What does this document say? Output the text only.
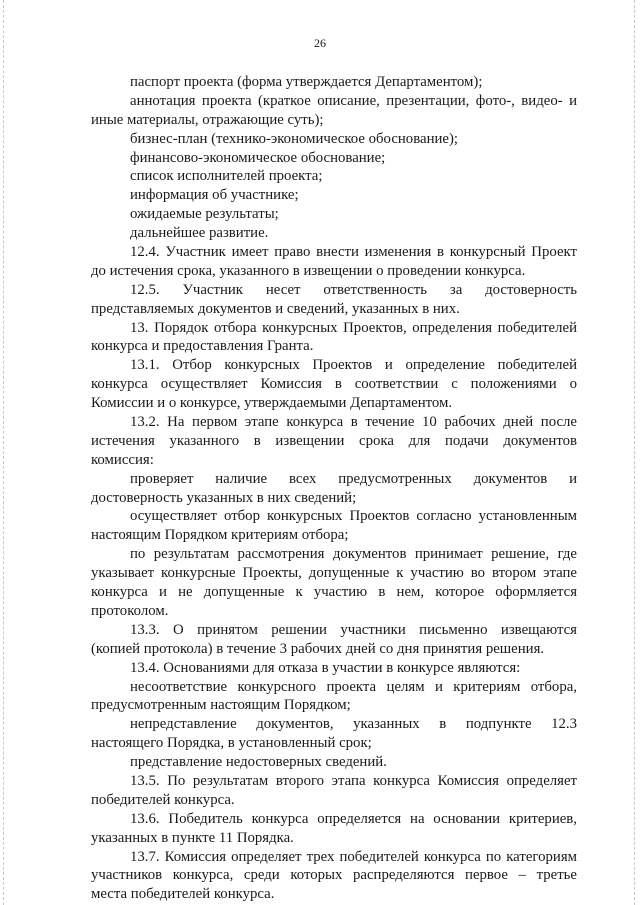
26
паспорт проекта (форма утверждается Департаментом);
аннотация проекта (краткое описание, презентации, фото-, видео- и
иные материалы, отражающие суть);
бизнес-план (технико-экономическое обоснование);
финансово-экономическое обоснование;
список исполнителей проекта;
информация об участнике;
ожидаемые результаты;
дальнейшее развитие.
12.4. Участник имеет право внести изменения в конкурсный Проект
до истечения срока, указанного в извещении о проведении конкурса.
12.5. Участник несет ответственность за достоверность
представляемых документов и сведений, указанных в них.
13. Порядок отбора конкурсных Проектов, определения победителей
конкурса и предоставления Гранта.
13.1. Отбор конкурсных Проектов и определение победителей
конкурса осуществляет Комиссия в соответствии с положениями о
Комиссии и о конкурсе, утверждаемыми Департаментом.
13.2. На первом этапе конкурса в течение 10 рабочих дней после
истечения указанного в извещении срока для подачи документов
комиссия:
проверяет наличие всех предусмотренных документов и
достоверность указанных в них сведений;
осуществляет отбор конкурсных Проектов согласно установленным
настоящим Порядком критериям отбора;
по результатам рассмотрения документов принимает решение, где
указывает конкурсные Проекты, допущенные к участию во втором этапе
конкурса и не допущенные к участию в нем, которое оформляется
протоколом.
13.3. О принятом решении участники письменно извещаются
(копией протокола) в течение 3 рабочих дней со дня принятия решения.
13.4. Основаниями для отказа в участии в конкурсе являются:
несоответствие конкурсного проекта целям и критериям отбора,
предусмотренным настоящим Порядком;
непредставление документов, указанных в подпункте 12.3
настоящего Порядка, в установленный срок;
представление недостоверных сведений.
13.5. По результатам второго этапа конкурса Комиссия определяет
победителей конкурса.
13.6. Победитель конкурса определяется на основании критериев,
указанных в пункте 11 Порядка.
13.7. Комиссия определяет трех победителей конкурса по категориям
участников конкурса, среди которых распределяются первое – третье
места победителей конкурса.
